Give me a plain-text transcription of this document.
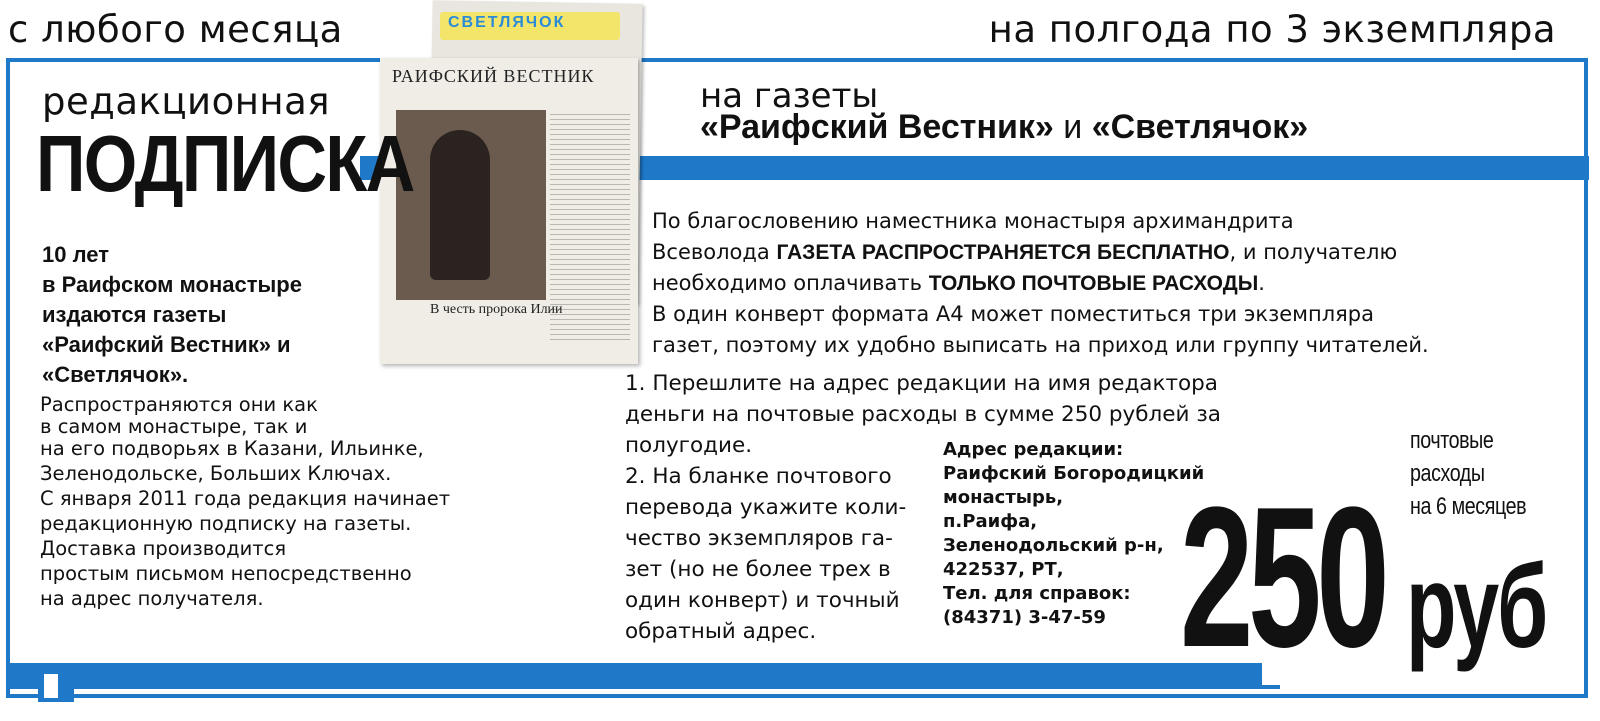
с любого месяца	на полгода по 3 экземпляра
СВЕТЛЯЧОК
РАИФСКИЙ ВЕСТНИК
В честь пророка Илии
редакционная
ПОДПИСКА
на газеты
«Раифский Вестник» и «Светлячок»
10 лет
в Раифском монастыре
издаются газеты
«Раифский Вестник» и
«Светлячок».
Распространяются они как
в самом монастыре, так и
на его подворьях в Казани, Ильинке,
Зеленодольске, Больших Ключах.
С января 2011 года редакция начинает
редакционную подписку на газеты.
Доставка производится
простым письмом непосредственно
на адрес получателя.
По благословению наместника монастыря архимандрита
Всеволода ГАЗЕТА РАСПРОСТРАНЯЕТСЯ БЕСПЛАТНО, и получателю
необходимо оплачивать ТОЛЬКО ПОЧТОВЫЕ РАСХОДЫ.
В один конверт формата А4 может поместиться три экземпляра
газет, поэтому их удобно выписать на приход или группу читателей.
1. Перешлите на адрес редакции на имя редактора
деньги на почтовые расходы в сумме 250 рублей за
полугодие.
2. На бланке почтового
перевода укажите коли-
чество экземпляров га-
зет (но не более трех в
один конверт) и точный
обратный адрес.
Адрес редакции:
Раифский Богородицкий
монастырь,
п.Раифа,
Зеленодольский р-н,
422537, РТ,
Тел. для справок:
(84371) 3-47-59
почтовые
расходы
на 6 месяцев
250 руб
